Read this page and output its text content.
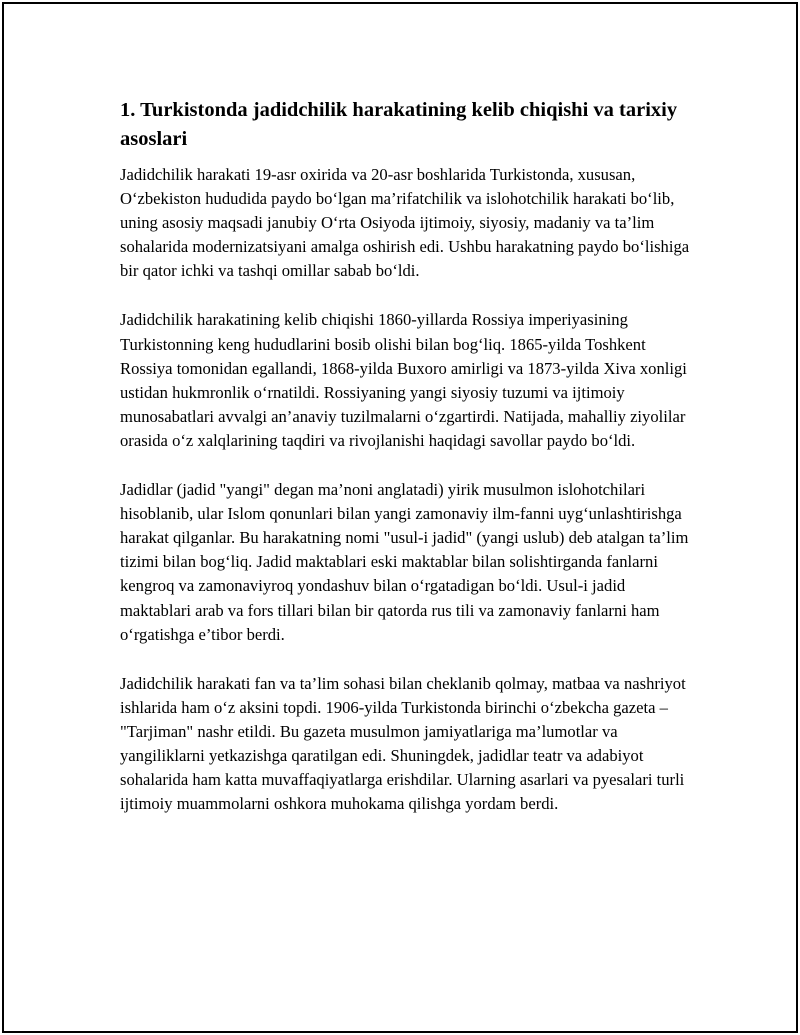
1. Turkistonda jadidchilik harakatining kelib chiqishi va tarixiy asoslari

Jadidchilik harakati 19-asr oxirida va 20-asr boshlarida Turkistonda, xususan, O‘zbekiston hududida paydo bo‘lgan ma’rifatchilik va islohotchilik harakati bo‘lib, uning asosiy maqsadi janubiy O‘rta Osiyoda ijtimoiy, siyosiy, madaniy va ta’lim sohalarida modernizatsiyani amalga oshirish edi. Ushbu harakatning paydo bo‘lishiga bir qator ichki va tashqi omillar sabab bo‘ldi.

Jadidchilik harakatining kelib chiqishi 1860-yillarda Rossiya imperiyasining Turkistonning keng hududlarini bosib olishi bilan bog‘liq. 1865-yilda Toshkent Rossiya tomonidan egallandi, 1868-yilda Buxoro amirligi va 1873-yilda Xiva xonligi ustidan hukmronlik o‘rnatildi. Rossiyaning yangi siyosiy tuzumi va ijtimoiy munosabatlari avvalgi an’anaviy tuzilmalarni o‘zgartirdi. Natijada, mahalliy ziyolilar orasida o‘z xalqlarining taqdiri va rivojlanishi haqidagi savollar paydo bo‘ldi.

Jadidlar (jadid "yangi" degan ma’noni anglatadi) yirik musulmon islohotchilari hisoblanib, ular Islom qonunlari bilan yangi zamonaviy ilm-fanni uyg‘unlashtirishga harakat qilganlar. Bu harakatning nomi "usul-i jadid" (yangi uslub) deb atalgan ta’lim tizimi bilan bog‘liq. Jadid maktablari eski maktablar bilan solishtirganda fanlarni kengroq va zamonaviyroq yondashuv bilan o‘rgatadigan bo‘ldi. Usul-i jadid maktablari arab va fors tillari bilan bir qatorda rus tili va zamonaviy fanlarni ham o‘rgatishga e’tibor berdi.

Jadidchilik harakati fan va ta’lim sohasi bilan cheklanib qolmay, matbaa va nashriyot ishlarida ham o‘z aksini topdi. 1906-yilda Turkistonda birinchi o‘zbekcha gazeta – "Tarjiman" nashr etildi. Bu gazeta musulmon jamiyatlariga ma’lumotlar va yangiliklarni yetkazishga qaratilgan edi. Shuningdek, jadidlar teatr va adabiyot sohalarida ham katta muvaffaqiyatlarga erishdilar. Ularning asarlari va pyesalari turli ijtimoiy muammolarni oshkora muhokama qilishga yordam berdi.
